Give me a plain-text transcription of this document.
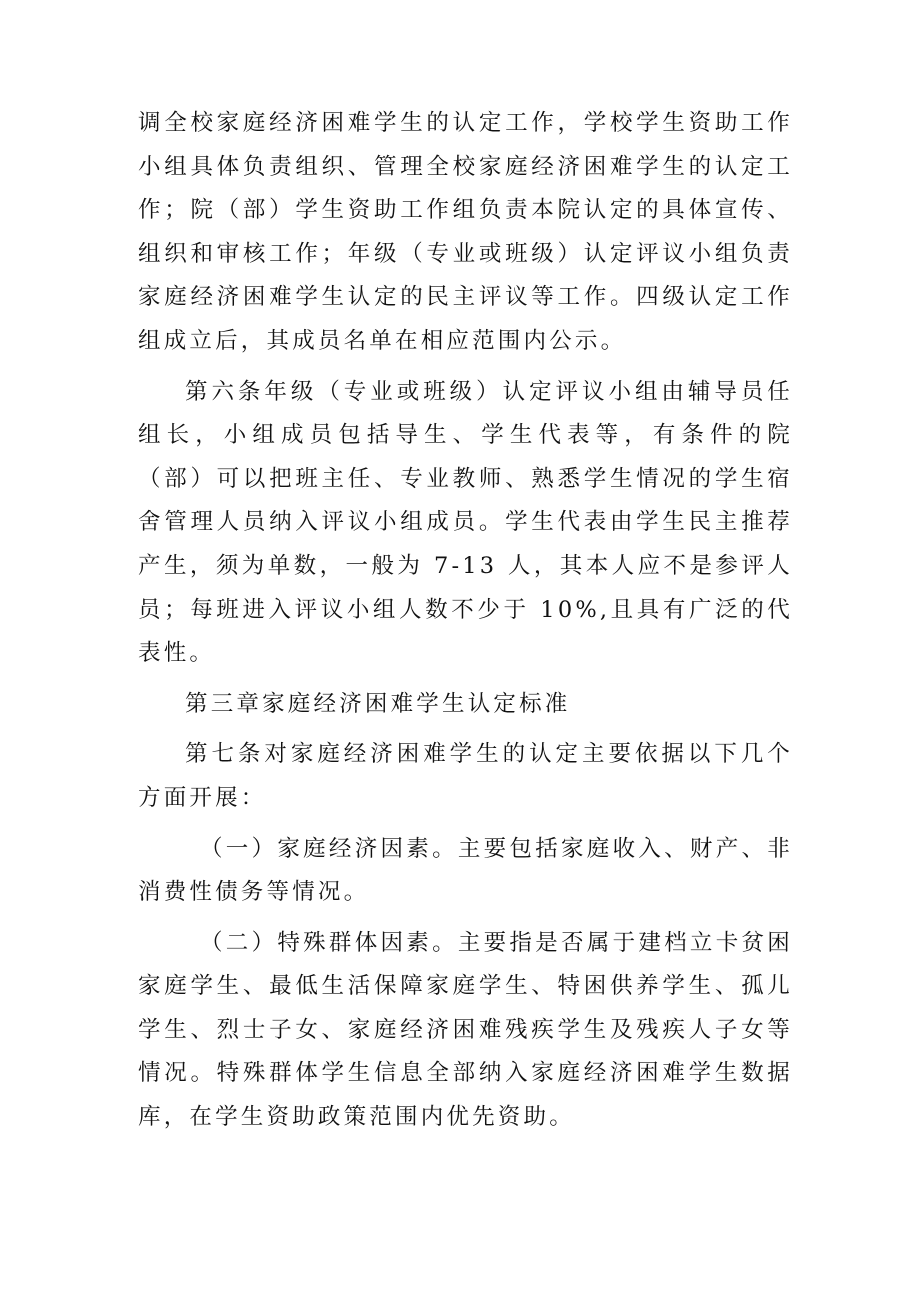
调全校家庭经济困难学生的认定工作，学校学生资助工作小组具体负责组织、管理全校家庭经济困难学生的认定工作；院（部）学生资助工作组负责本院认定的具体宣传、组织和审核工作；年级（专业或班级）认定评议小组负责家庭经济困难学生认定的民主评议等工作。四级认定工作组成立后，其成员名单在相应范围内公示。

第六条年级（专业或班级）认定评议小组由辅导员任组长，小组成员包括导生、学生代表等，有条件的院（部）可以把班主任、专业教师、熟悉学生情况的学生宿舍管理人员纳入评议小组成员。学生代表由学生民主推荐产生，须为单数，一般为 7-13 人，其本人应不是参评人员；每班进入评议小组人数不少于 10%,且具有广泛的代表性。

第三章家庭经济困难学生认定标准

第七条对家庭经济困难学生的认定主要依据以下几个方面开展：

（一）家庭经济因素。主要包括家庭收入、财产、非消费性债务等情况。

（二）特殊群体因素。主要指是否属于建档立卡贫困家庭学生、最低生活保障家庭学生、特困供养学生、孤儿学生、烈士子女、家庭经济困难残疾学生及残疾人子女等情况。特殊群体学生信息全部纳入家庭经济困难学生数据库，在学生资助政策范围内优先资助。
